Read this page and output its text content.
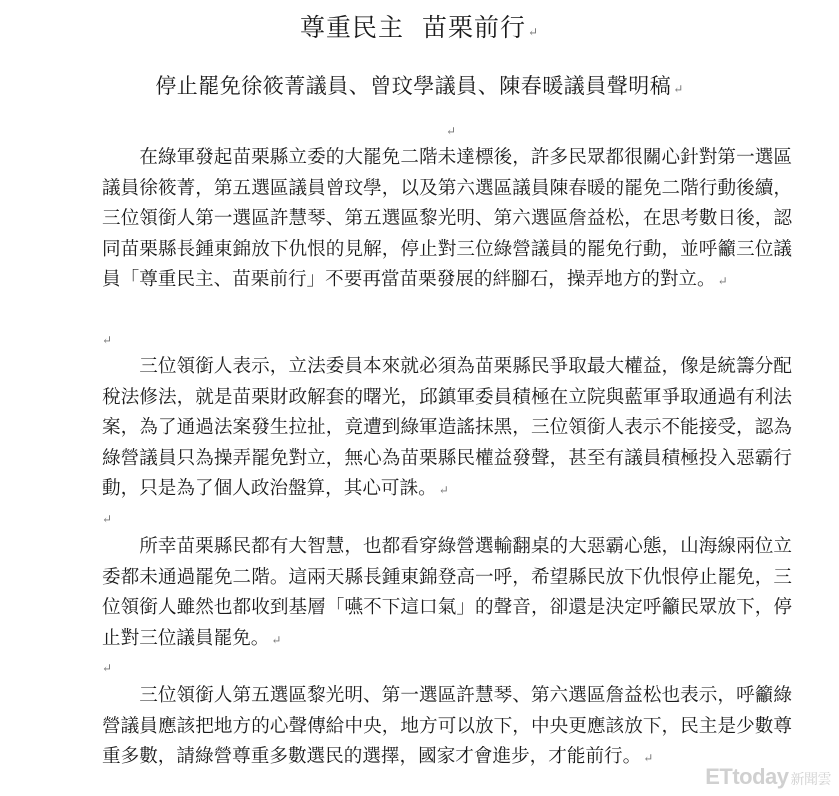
尊重民主 苗栗前行 ↵
停止罷免徐筱菁議員、曾玟學議員、陳春暖議員聲明稿 ↵
↵

在綠軍發起苗栗縣立委的大罷免二階未達標後，許多民眾都很關心針對第一選區議員徐筱菁，第五選區議員曾玟學，以及第六選區議員陳春暖的罷免二階行動後續，三位領銜人第一選區許慧琴、第五選區黎光明、第六選區詹益松，在思考數日後，認同苗栗縣長鍾東錦放下仇恨的見解，停止對三位綠營議員的罷免行動，並呼籲三位議員「尊重民主、苗栗前行」不要再當苗栗發展的絆腳石，操弄地方的對立。 ↵

↵

三位領銜人表示，立法委員本來就必須為苗栗縣民爭取最大權益，像是統籌分配稅法修法，就是苗栗財政解套的曙光，邱鎮軍委員積極在立院與藍軍爭取通過有利法案，為了通過法案發生拉扯，竟遭到綠軍造謠抹黑，三位領銜人表示不能接受，認為綠營議員只為操弄罷免對立，無心為苗栗縣民權益發聲，甚至有議員積極投入惡霸行動，只是為了個人政治盤算，其心可誅。 ↵

↵

所幸苗栗縣民都有大智慧，也都看穿綠營選輸翻桌的大惡霸心態，山海線兩位立委都未通過罷免二階。這兩天縣長鍾東錦登高一呼，希望縣民放下仇恨停止罷免，三位領銜人雖然也都收到基層「嚥不下這口氣」的聲音，卻還是決定呼籲民眾放下，停止對三位議員罷免。 ↵

↵

三位領銜人第五選區黎光明、第一選區許慧琴、第六選區詹益松也表示，呼籲綠營議員應該把地方的心聲傳給中央，地方可以放下，中央更應該放下，民主是少數尊重多數，請綠營尊重多數選民的選擇，國家才會進步，才能前行。 ↵

ETtoday 新聞雲
